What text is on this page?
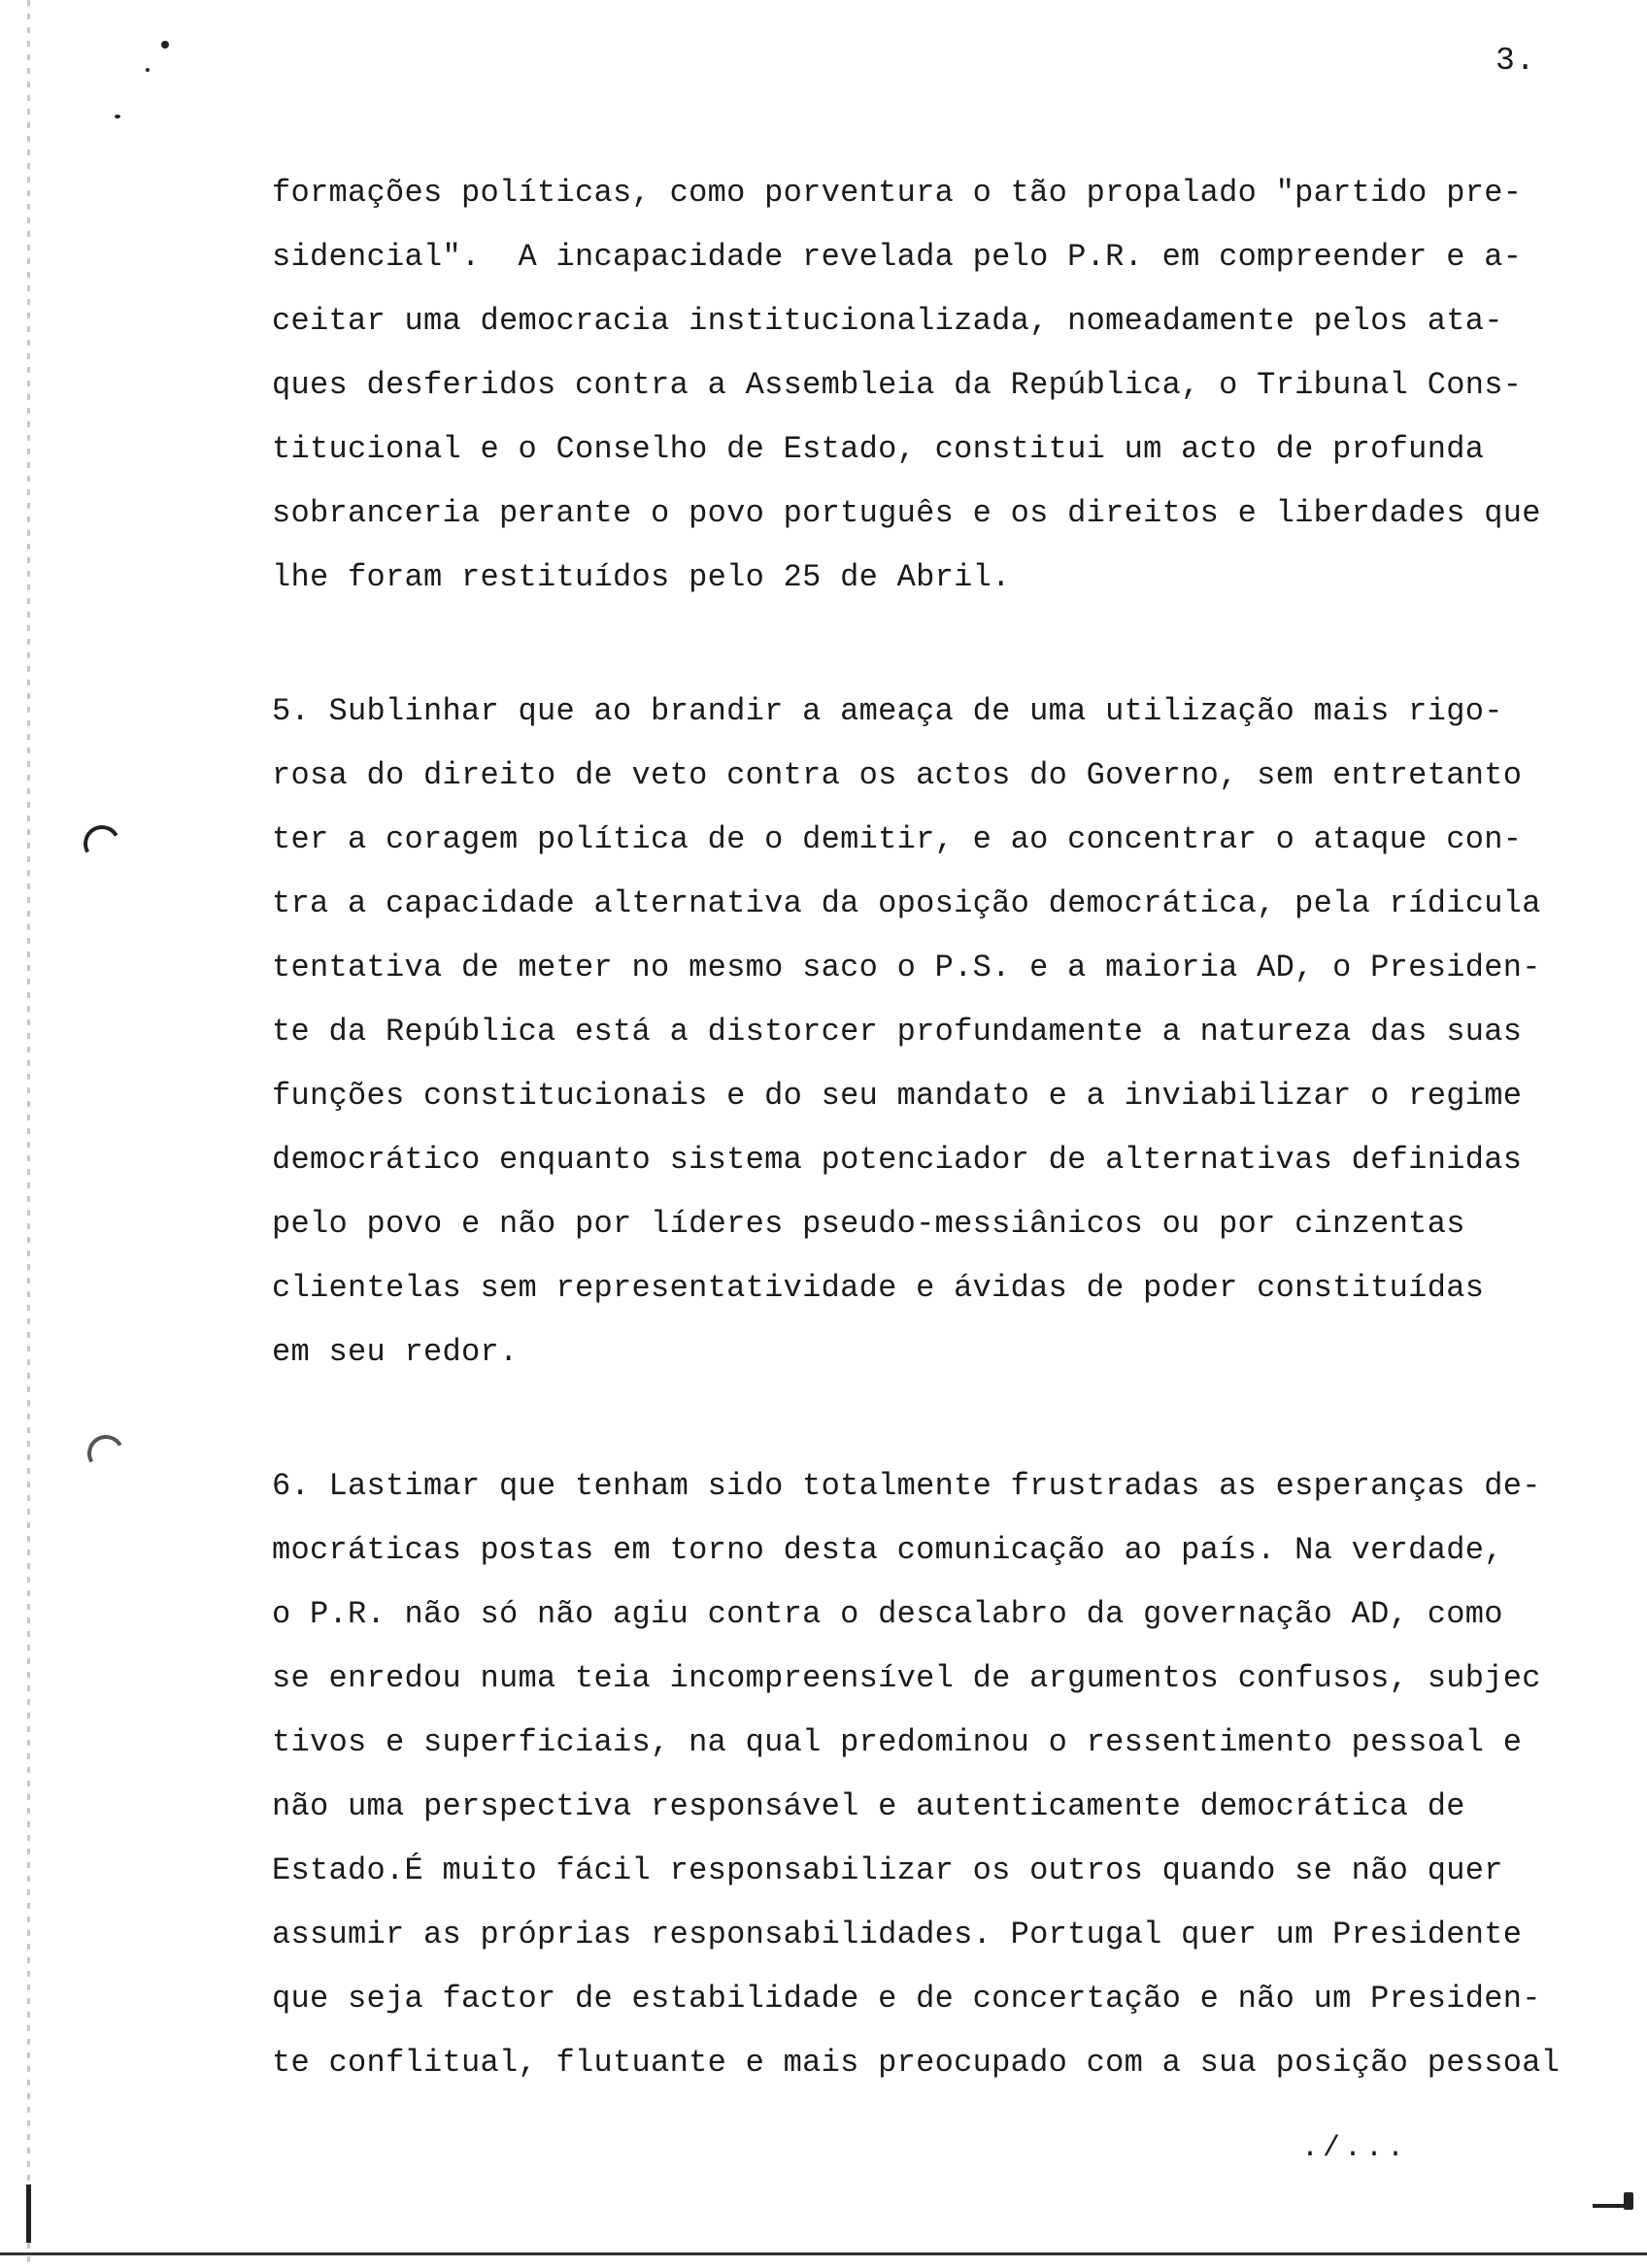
3.
formações políticas, como porventura o tão propalado "partido pre-
sidencial".  A incapacidade revelada pelo P.R. em compreender e a-
ceitar uma democracia institucionalizada, nomeadamente pelos ata-
ques desferidos contra a Assembleia da República, o Tribunal Cons-
titucional e o Conselho de Estado, constitui um acto de profunda
sobranceria perante o povo português e os direitos e liberdades que
lhe foram restituídos pelo 25 de Abril.
5. Sublinhar que ao brandir a ameaça de uma utilização mais rigo-
rosa do direito de veto contra os actos do Governo, sem entretanto
ter a coragem política de o demitir, e ao concentrar o ataque con-
tra a capacidade alternativa da oposição democrática, pela rídicula
tentativa de meter no mesmo saco o P.S. e a maioria AD, o Presiden-
te da República está a distorcer profundamente a natureza das suas
funções constitucionais e do seu mandato e a inviabilizar o regime
democrático enquanto sistema potenciador de alternativas definidas
pelo povo e não por líderes pseudo-messiânicos ou por cinzentas
clientelas sem representatividade e ávidas de poder constituídas
em seu redor.
6. Lastimar que tenham sido totalmente frustradas as esperanças de-
mocráticas postas em torno desta comunicação ao país. Na verdade,
o P.R. não só não agiu contra o descalabro da governação AD, como
se enredou numa teia incompreensível de argumentos confusos, subjec
tivos e superficiais, na qual predominou o ressentimento pessoal e
não uma perspectiva responsável e autenticamente democrática de
Estado.É muito fácil responsabilizar os outros quando se não quer
assumir as próprias responsabilidades. Portugal quer um Presidente
que seja factor de estabilidade e de concertação e não um Presiden-
te conflitual, flutuante e mais preocupado com a sua posição pessoal
./...
